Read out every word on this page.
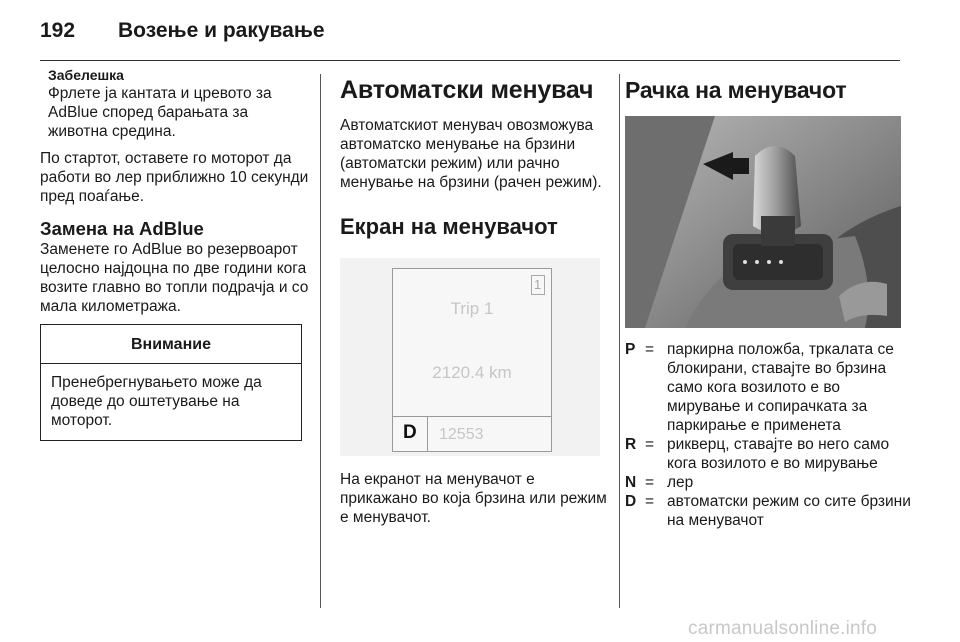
192 Возење и ракување
Забелешка
Фрлете ја кантата и цревото за AdBlue според барањата за животна средина.

По стартот, оставете го моторот да работи во лер приближно 10 секунди пред поаѓање.

Замена на AdBlue
Заменете го AdBlue во резервоарот целосно најдоцна по две години кога возите главно во топли подрачја и со мала километража.
Внимание
Пренебрегнувањето може да доведе до оштетување на моторот.
Автоматски менувач

Автоматскиот менувач овозможува автоматско менување на брзини (автоматски режим) или рачно менување на брзини (рачен режим).

Екран на менувачот
1
Trip 1
2120.4 km
D 12553

На екранот на менувачот е прикажано во која брзина или режим е менувачот.

Рачка на менувачот
P = паркирна положба, тркалата се блокирани, ставајте во брзина само кога возилото е во мирување и сопирачката за паркирање е применета
R = рикверц, ставајте во него само кога возилото е во мирување
N = лер
D = автоматски режим со сите брзини на менувачот
carmanualsonline.info
